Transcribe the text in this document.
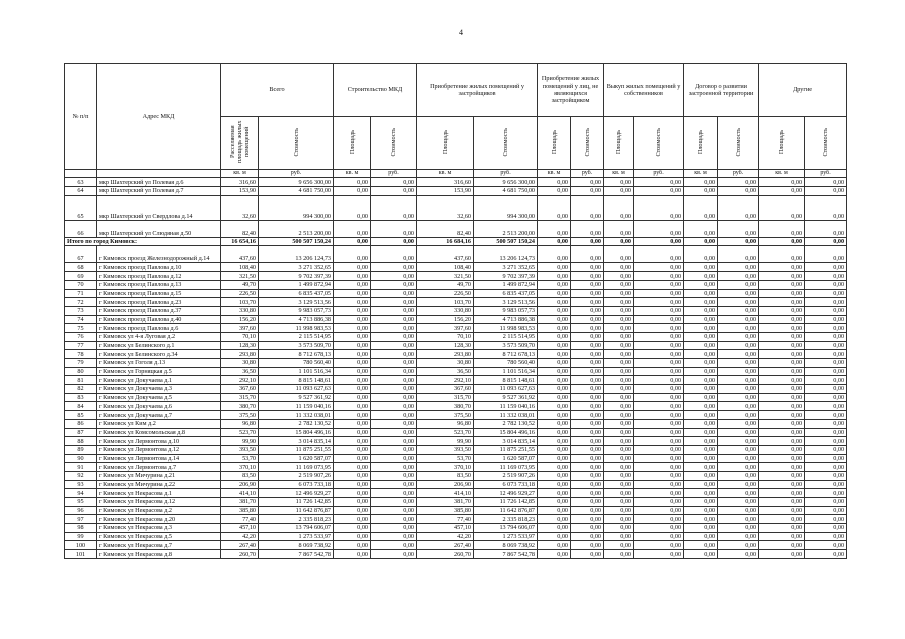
4
№ п/п	Адрес МКД	Всего		Строительство МКД		Приобретение жилых помещений у застройщиков		Приобретение жилых помещений у лиц, не являющихся застройщиком		Выкуп жилых помещений у собственников		Договор о развитии застроенной территории		Другие	
		Расселяемая площадь жилых помещений	Стоимость	Площадь	Стоимость	Площадь	Стоимость	Площадь	Стоимость	Площадь	Стоимость	Площадь	Стоимость	Площадь	Стоимость
		кв. м	руб.	кв. м	руб.	кв. м	руб.	кв. м	руб.	кв. м	руб.	кв. м	руб.	кв. м	руб.
63	мкр Шахтерский ул Полевая д.6	316,60	9 656 300,00	0,00	0,00	316,60	9 656 300,00	0,00	0,00	0,00	0,00	0,00	0,00	0,00	0,00
64	мкр Шахтерский ул Полевая д.7	153,90	4 681 750,00	0,00	0,00	153,90	4 681 750,00	0,00	0,00	0,00	0,00	0,00	0,00	0,00	0,00
65	мкр Шахтерский ул Свердлова д.14	32,60	994 300,00	0,00	0,00	32,60	994 300,00	0,00	0,00	0,00	0,00	0,00	0,00	0,00	0,00
66	мкр Шахтерский ул Слюдяная д.50	82,40	2 513 200,00	0,00	0,00	82,40	2 513 200,00	0,00	0,00	0,00	0,00	0,00	0,00	0,00	0,00
Итого по город Кимовск:		16 654,16	500 507 150,24	0,00	0,00	16 684,16	500 507 150,24	0,00	0,00	0,00	0,00	0,00	0,00	0,00	0,00
67	г Кимовск проезд Железнодорожный д.14	437,60	13 206 124,73	0,00	0,00	437,60	13 206 124,73	0,00	0,00	0,00	0,00	0,00	0,00	0,00	0,00
68	г Кимовск проезд Павлова д.10	108,40	3 271 352,65	0,00	0,00	108,40	3 271 352,65	0,00	0,00	0,00	0,00	0,00	0,00	0,00	0,00
69	г Кимовск проезд Павлова д.12	321,50	9 702 397,39	0,00	0,00	321,50	9 702 397,39	0,00	0,00	0,00	0,00	0,00	0,00	0,00	0,00
70	г Кимовск проезд Павлова д.13	49,70	1 499 872,94	0,00	0,00	49,70	1 499 872,94	0,00	0,00	0,00	0,00	0,00	0,00	0,00	0,00
71	г Кимовск проезд Павлова д.15	226,50	6 835 437,05	0,00	0,00	226,50	6 835 437,05	0,00	0,00	0,00	0,00	0,00	0,00	0,00	0,00
72	г Кимовск проезд Павлова д.23	103,70	3 129 513,56	0,00	0,00	103,70	3 129 513,56	0,00	0,00	0,00	0,00	0,00	0,00	0,00	0,00
73	г Кимовск проезд Павлова д.37	330,80	9 983 057,73	0,00	0,00	330,80	9 983 057,73	0,00	0,00	0,00	0,00	0,00	0,00	0,00	0,00
74	г Кимовск проезд Павлова д.40	156,20	4 713 886,38	0,00	0,00	156,20	4 713 886,38	0,00	0,00	0,00	0,00	0,00	0,00	0,00	0,00
75	г Кимовск проезд Павлова д.6	397,60	11 998 983,53	0,00	0,00	397,60	11 998 983,53	0,00	0,00	0,00	0,00	0,00	0,00	0,00	0,00
76	г Кимовск ул 4-я Луговая д.2	70,10	2 115 514,95	0,00	0,00	70,10	2 115 514,95	0,00	0,00	0,00	0,00	0,00	0,00	0,00	0,00
77	г Кимовск ул Белинского д.1	128,30	3 573 509,70	0,00	0,00	128,30	3 573 509,70	0,00	0,00	0,00	0,00	0,00	0,00	0,00	0,00
78	г Кимовск ул Белинского д.34	293,80	8 712 678,13	0,00	0,00	293,80	8 712 678,13	0,00	0,00	0,00	0,00	0,00	0,00	0,00	0,00
79	г Кимовск ул Гоголя д.13	30,80	780 560,40	0,00	0,00	30,80	780 560,40	0,00	0,00	0,00	0,00	0,00	0,00	0,00	0,00
80	г Кимовск ул Горняцкая д.5	36,50	1 101 516,34	0,00	0,00	36,50	1 101 516,34	0,00	0,00	0,00	0,00	0,00	0,00	0,00	0,00
81	г Кимовск ул Докучаева д.1	292,10	8 815 148,61	0,00	0,00	292,10	8 815 148,61	0,00	0,00	0,00	0,00	0,00	0,00	0,00	0,00
82	г Кимовск ул Докучаева д.3	367,60	11 093 627,63	0,00	0,00	367,60	11 093 627,63	0,00	0,00	0,00	0,00	0,00	0,00	0,00	0,00
83	г Кимовск ул Докучаева д.5	315,70	9 527 361,92	0,00	0,00	315,70	9 527 361,92	0,00	0,00	0,00	0,00	0,00	0,00	0,00	0,00
84	г Кимовск ул Докучаева д.6	380,70	11 159 040,16	0,00	0,00	380,70	11 159 040,16	0,00	0,00	0,00	0,00	0,00	0,00	0,00	0,00
85	г Кимовск ул Докучаева д.7	375,50	11 332 038,01	0,00	0,00	375,50	11 332 038,01	0,00	0,00	0,00	0,00	0,00	0,00	0,00	0,00
86	г Кимовск ул Ким д.2	96,80	2 782 130,52	0,00	0,00	96,80	2 782 130,52	0,00	0,00	0,00	0,00	0,00	0,00	0,00	0,00
87	г Кимовск ул Комсомольская д.8	523,70	15 804 496,16	0,00	0,00	523,70	15 804 496,16	0,00	0,00	0,00	0,00	0,00	0,00	0,00	0,00
88	г Кимовск ул Лермонтова д.10	99,90	3 014 835,14	0,00	0,00	99,90	3 014 835,14	0,00	0,00	0,00	0,00	0,00	0,00	0,00	0,00
89	г Кимовск ул Лермонтова д.12	393,50	11 875 251,55	0,00	0,00	393,50	11 875 251,55	0,00	0,00	0,00	0,00	0,00	0,00	0,00	0,00
90	г Кимовск ул Лермонтова д.14	53,70	1 620 587,07	0,00	0,00	53,70	1 620 587,07	0,00	0,00	0,00	0,00	0,00	0,00	0,00	0,00
91	г Кимовск ул Лермонтова д.7	370,10	11 169 073,95	0,00	0,00	370,10	11 169 073,95	0,00	0,00	0,00	0,00	0,00	0,00	0,00	0,00
92	г Кимовск ул Мичурина д.21	83,50	2 519 907,26	0,00	0,00	83,50	2 519 907,26	0,00	0,00	0,00	0,00	0,00	0,00	0,00	0,00
93	г Кимовск ул Мичурина д.22	206,90	6 073 733,18	0,00	0,00	206,90	6 073 733,18	0,00	0,00	0,00	0,00	0,00	0,00	0,00	0,00
94	г Кимовск ул Некрасова д.1	414,10	12 496 929,27	0,00	0,00	414,10	12 496 929,27	0,00	0,00	0,00	0,00	0,00	0,00	0,00	0,00
95	г Кимовск ул Некрасова д.12	381,70	11 726 142,85	0,00	0,00	381,70	11 726 142,85	0,00	0,00	0,00	0,00	0,00	0,00	0,00	0,00
96	г Кимовск ул Некрасова д.2	385,80	11 642 876,87	0,00	0,00	385,80	11 642 876,87	0,00	0,00	0,00	0,00	0,00	0,00	0,00	0,00
97	г Кимовск ул Некрасова д.20	77,40	2 335 818,23	0,00	0,00	77,40	2 335 818,23	0,00	0,00	0,00	0,00	0,00	0,00	0,00	0,00
98	г Кимовск ул Некрасова д.3	457,10	13 794 606,07	0,00	0,00	457,10	13 794 606,07	0,00	0,00	0,00	0,00	0,00	0,00	0,00	0,00
99	г Кимовск ул Некрасова д.5	42,20	1 273 533,97	0,00	0,00	42,20	1 273 533,97	0,00	0,00	0,00	0,00	0,00	0,00	0,00	0,00
100	г Кимовск ул Некрасова д.7	267,40	8 069 738,92	0,00	0,00	267,40	8 069 738,92	0,00	0,00	0,00	0,00	0,00	0,00	0,00	0,00
101	г Кимовск ул Некрасова д.8	260,70	7 867 542,78	0,00	0,00	260,70	7 867 542,78	0,00	0,00	0,00	0,00	0,00	0,00	0,00	0,00
